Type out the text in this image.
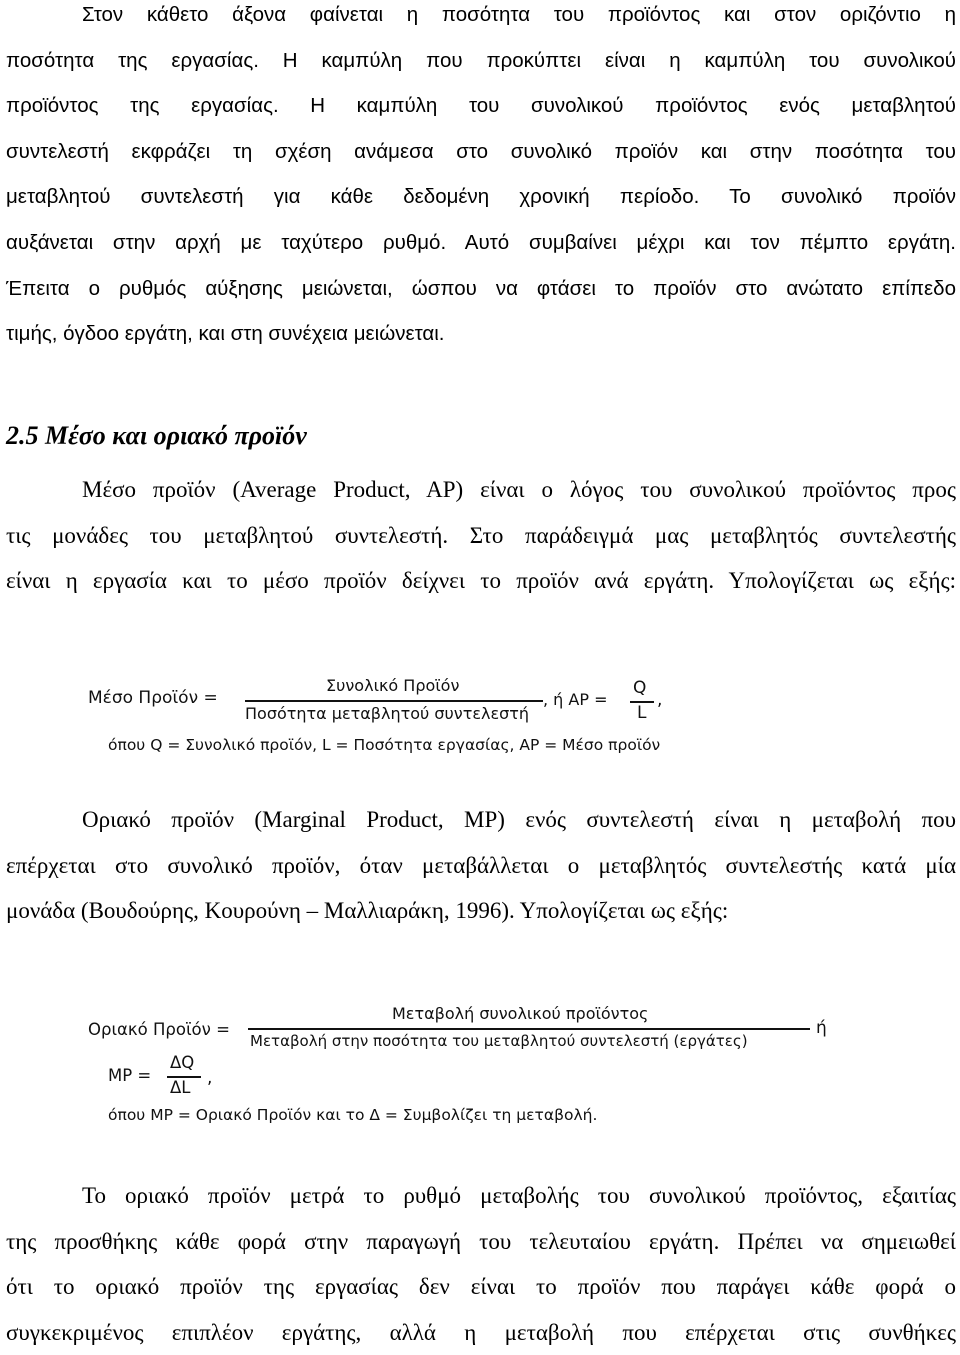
Στον κάθετο άξονα φαίνεται η ποσότητα του προϊόντος και στον οριζόντιο η
ποσότητα της εργασίας. Η καμπύλη που προκύπτει είναι η καμπύλη του συνολικού
προϊόντος της εργασίας. Η καμπύλη του συνολικού προϊόντος ενός μεταβλητού
συντελεστή εκφράζει τη σχέση ανάμεσα στο συνολικό προϊόν και στην ποσότητα του
μεταβλητού συντελεστή για κάθε δεδομένη χρονική περίοδο. Το συνολικό προϊόν
αυξάνεται στην αρχή με ταχύτερο ρυθμό. Αυτό συμβαίνει μέχρι και τον πέμπτο εργάτη.
Έπειτα ο ρυθμός αύξησης μειώνεται, ώσπου να φτάσει το προϊόν στο ανώτατο επίπεδο
τιμής, όγδοο εργάτη, και στη συνέχεια μειώνεται.
2.5 Μέσο και οριακό προϊόν
Μέσο προϊόν (Average Product, AP) είναι ο λόγος του συνολικού προϊόντος προς
τις μονάδες του μεταβλητού συντελεστή. Στο παράδειγμά μας μεταβλητός συντελεστής
είναι η εργασία και το μέσο προϊόν δείχνει το προϊόν ανά εργάτη. Υπολογίζεται ως εξής:
Μέσο Προϊόν =
Συνολικό Προϊόν
Ποσότητα μεταβλητού συντελεστή
, ή AP =
Q
L
,
όπου Q = Συνολικό προϊόν, L = Ποσότητα εργασίας, AP = Μέσο προϊόν
Οριακό προϊόν (Marginal Product, MP) ενός συντελεστή είναι η μεταβολή που
επέρχεται στο συνολικό προϊόν, όταν μεταβάλλεται ο μεταβλητός συντελεστής κατά μία
μονάδα (Βουδούρης, Κουρούνη – Μαλλιαράκη, 1996). Υπολογίζεται ως εξής:
Οριακό Προϊόν =
Μεταβολή συνολικού προϊόντος
Μεταβολή στην ποσότητα του μεταβλητού συντελεστή (εργάτες)
ή
MP =
ΔQ
ΔL ,
όπου MP = Οριακό Προϊόν και το Δ = Συμβολίζει τη μεταβολή.
Το οριακό προϊόν μετρά το ρυθμό μεταβολής του συνολικού προϊόντος, εξαιτίας
της προσθήκης κάθε φορά στην παραγωγή του τελευταίου εργάτη. Πρέπει να σημειωθεί
ότι το οριακό προϊόν της εργασίας δεν είναι το προϊόν που παράγει κάθε φορά ο
συγκεκριμένος επιπλέον εργάτης, αλλά η μεταβολή που επέρχεται στις συνθήκες
